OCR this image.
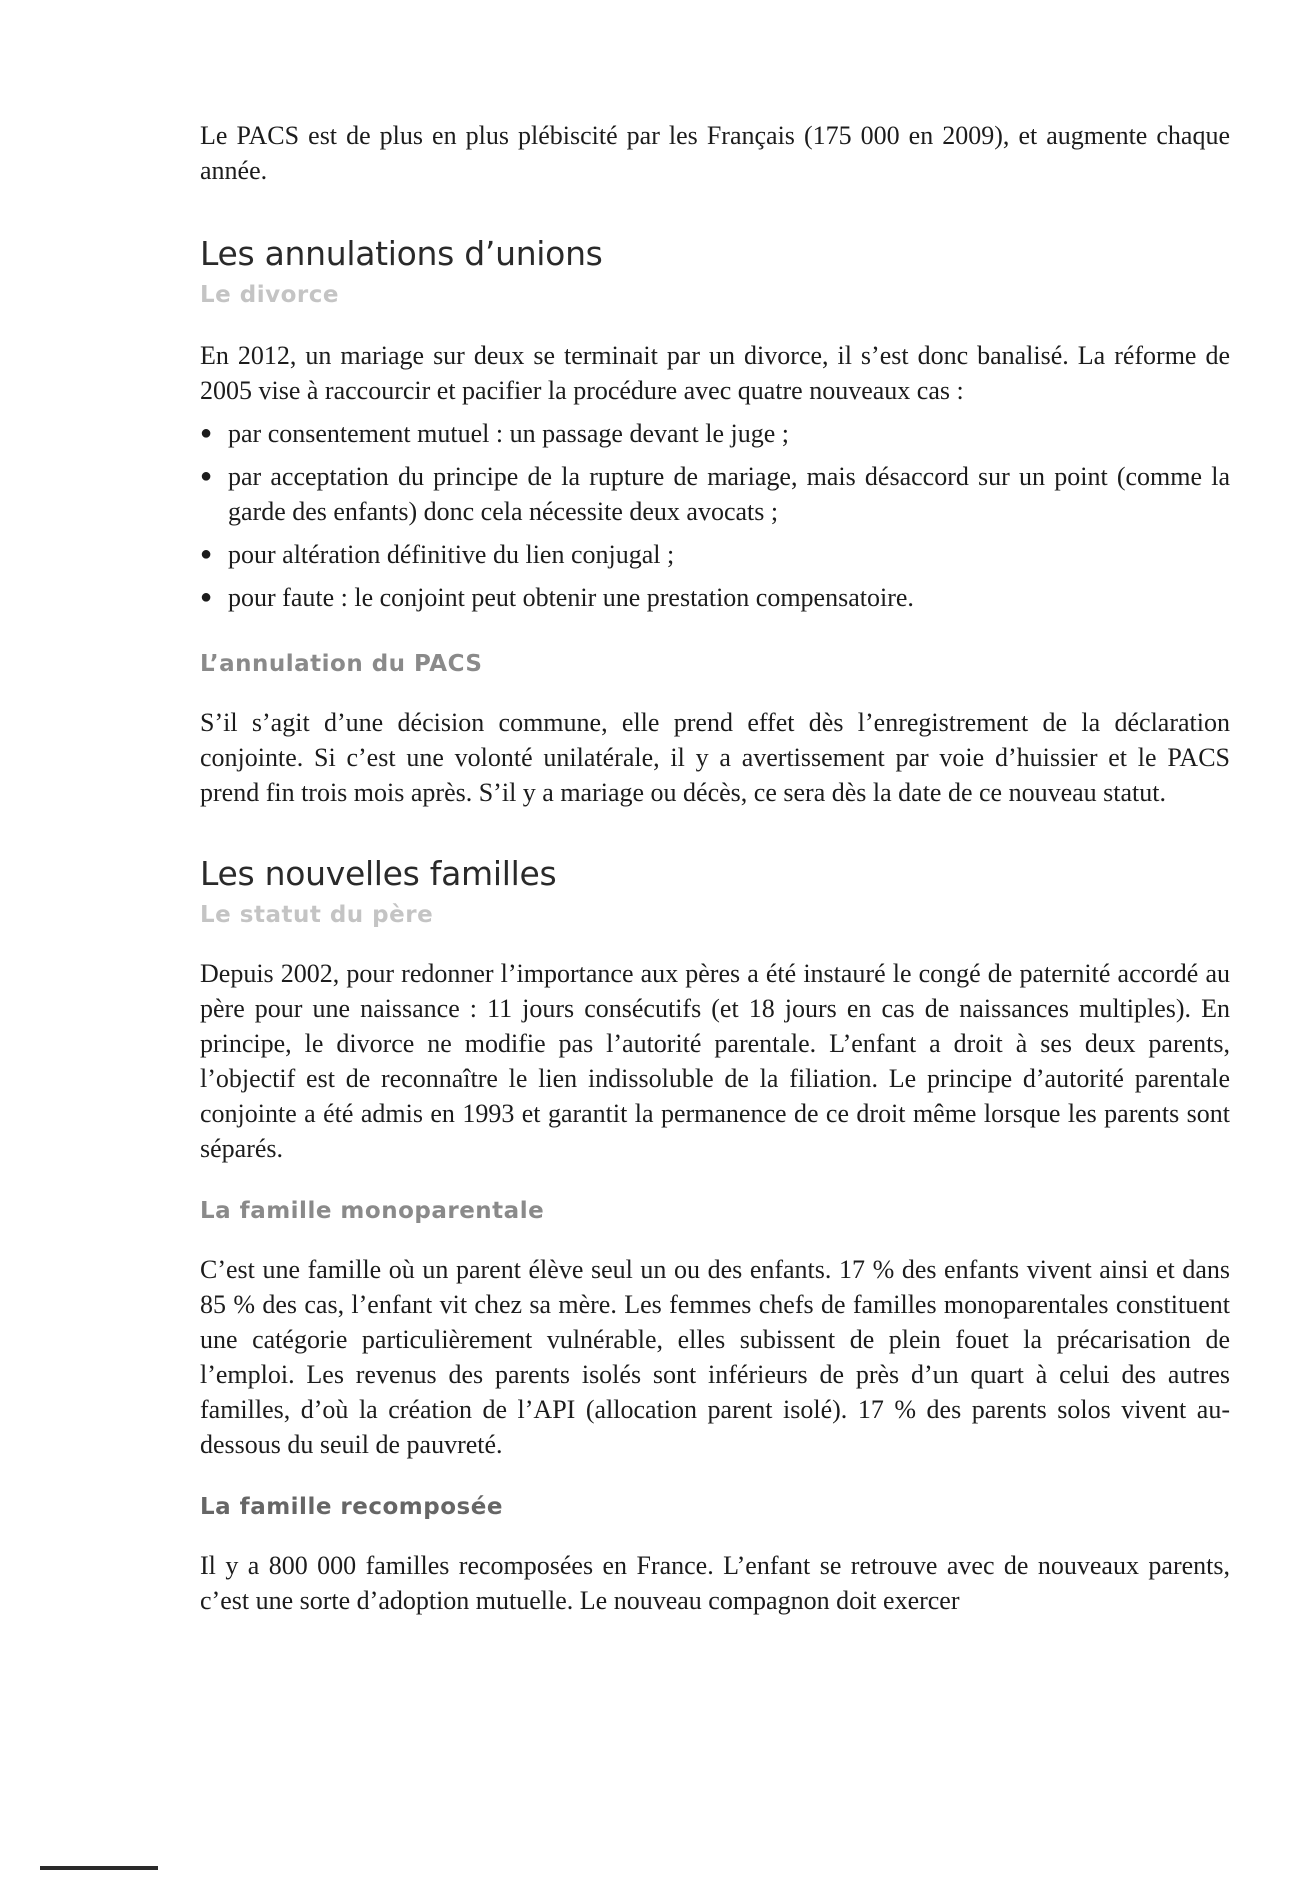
Le PACS est de plus en plus plébiscité par les Français (175 000 en 2009), et augmente chaque année.

Les annulations d’unions
Le divorce

En 2012, un mariage sur deux se terminait par un divorce, il s’est donc banalisé. La réforme de 2005 vise à raccourcir et pacifier la procédure avec quatre nouveaux cas :

● par consentement mutuel : un passage devant le juge ;
● par acceptation du principe de la rupture de mariage, mais désaccord sur un point (comme la garde des enfants) donc cela nécessite deux avocats ;
● pour altération définitive du lien conjugal ;
● pour faute : le conjoint peut obtenir une prestation compensatoire.
L’annulation du PACS

S’il s’agit d’une décision commune, elle prend effet dès l’enregistrement de la déclaration conjointe. Si c’est une volonté unilatérale, il y a avertissement par voie d’huissier et le PACS prend fin trois mois après. S’il y a mariage ou décès, ce sera dès la date de ce nouveau statut.

Les nouvelles familles
Le statut du père

Depuis 2002, pour redonner l’importance aux pères a été instauré le congé de paternité accordé au père pour une naissance : 11 jours consécutifs (et 18 jours en cas de naissances multiples). En principe, le divorce ne modifie pas l’autorité parentale. L’enfant a droit à ses deux parents, l’objectif est de reconnaître le lien indissoluble de la filiation. Le principe d’autorité parentale conjointe a été admis en 1993 et garantit la permanence de ce droit même lorsque les parents sont séparés.

La famille monoparentale

C’est une famille où un parent élève seul un ou des enfants. 17 % des enfants vivent ainsi et dans 85 % des cas, l’enfant vit chez sa mère. Les femmes chefs de familles monoparentales constituent une catégorie particulièrement vulnérable, elles subissent de plein fouet la précarisation de l’emploi. Les revenus des parents isolés sont inférieurs de près d’un quart à celui des autres familles, d’où la création de l’API (allocation parent isolé). 17 % des parents solos vivent au-dessous du seuil de pauvreté.

La famille recomposée

Il y a 800 000 familles recomposées en France. L’enfant se retrouve avec de nouveaux parents, c’est une sorte d’adoption mutuelle. Le nouveau compagnon doit exercer
